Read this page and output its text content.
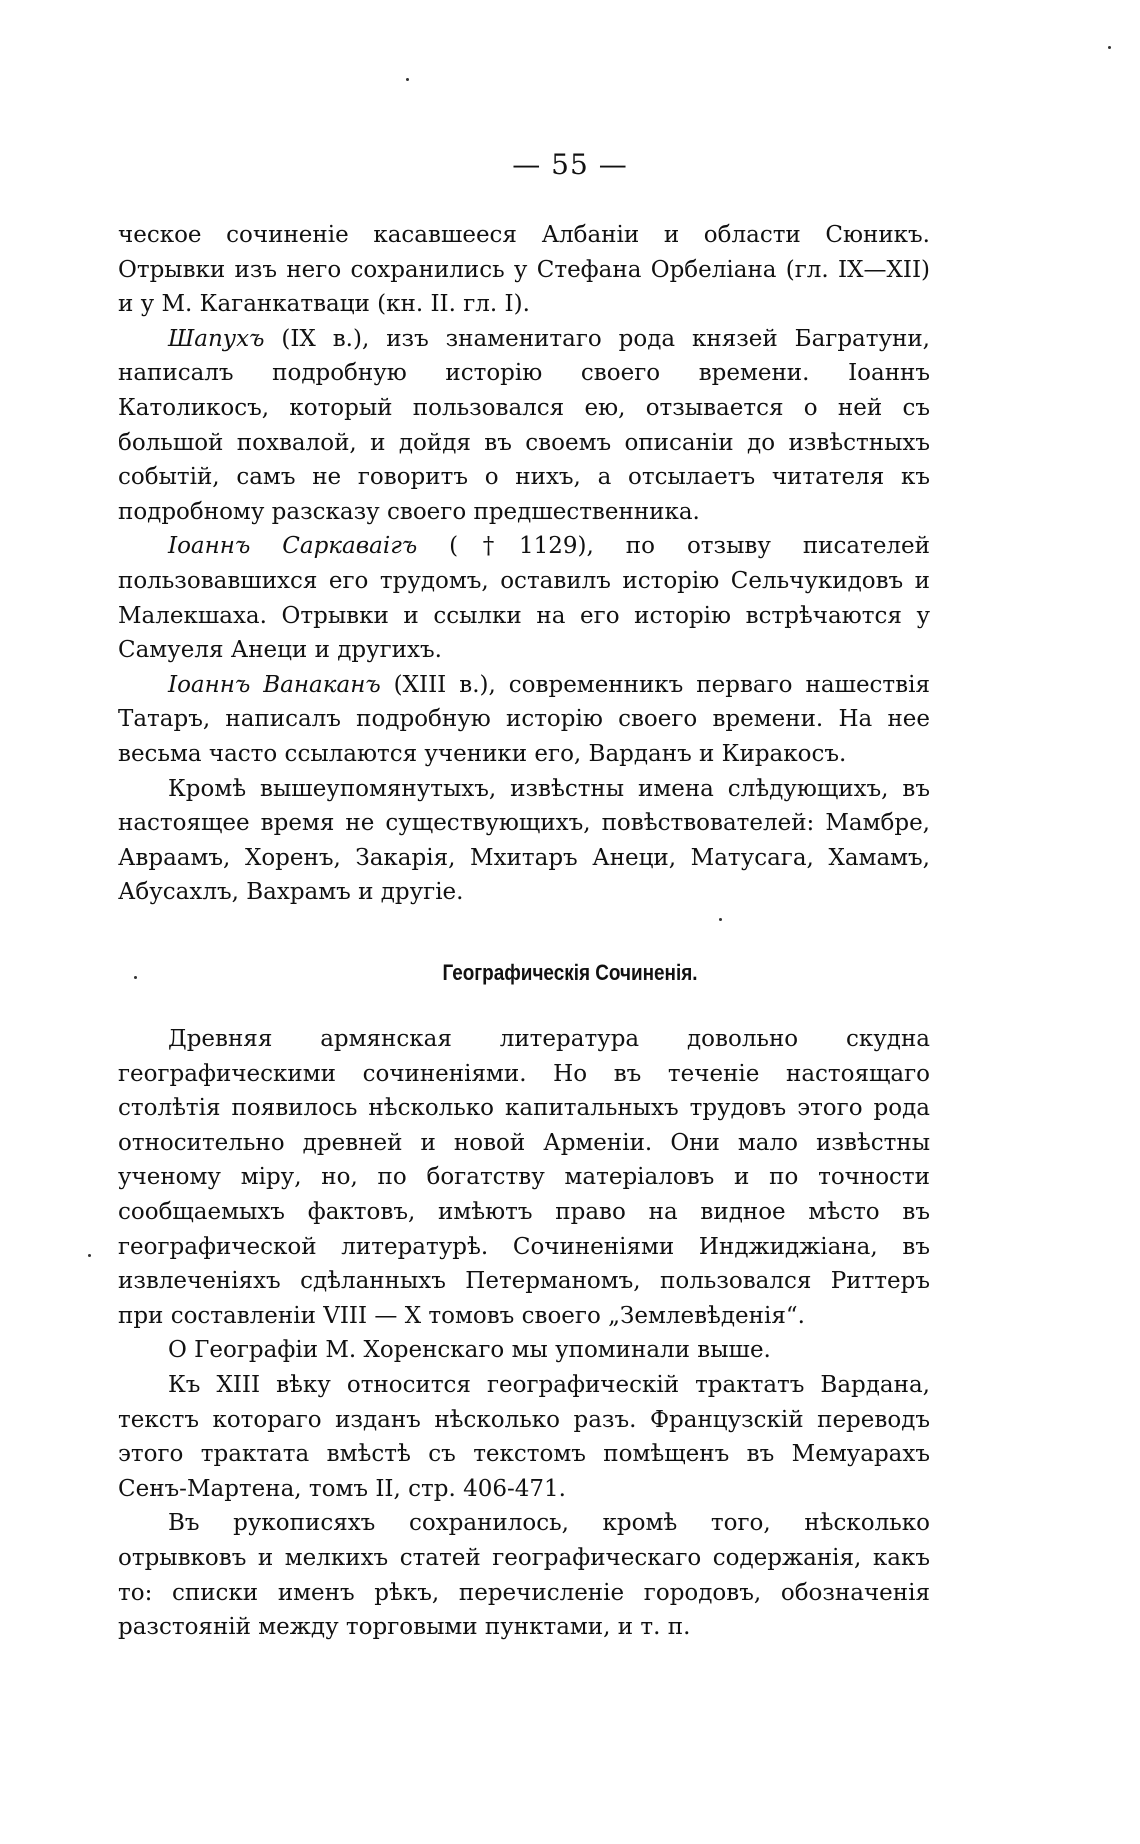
— 55 —

ческое сочиненіе касавшееся Албаніи и области Сюникъ. Отрывки изъ него сохранились у Стефана Орбеліана (гл. IX—XII) и у М. Каганкатваци (кн. II. гл. I).

Шапухъ (IX в.), изъ знаменитаго рода князей Багратуни, написалъ подробную исторію своего времени. Іоаннъ Католикосъ, который пользовался ею, отзывается о ней съ большой похвалой, и дойдя въ своемъ описаніи до извѣстныхъ событій, самъ не говоритъ о нихъ, а отсылаетъ читателя къ подробному разсказу своего предшественника.

Іоаннъ Саркаваігъ (†1129), по отзыву писателей пользовавшихся его трудомъ, оставилъ исторію Сельчукидовъ и Малекшаха. Отрывки и ссылки на его исторію встрѣчаются у Самуеля Анеци и другихъ.

Іоаннъ Ванаканъ (XIII в.), современникъ перваго нашествія Татаръ, написалъ подробную исторію своего времени. На нее весьма часто ссылаются ученики его, Варданъ и Киракосъ.

Кромѣ вышеупомянутыхъ, извѣстны имена слѣдующихъ, въ настоящее время не существующихъ, повѣствователей: Мамбре, Авраамъ, Хоренъ, Закарія, Мхитаръ Анеци, Матусага, Хамамъ, Абусахлъ, Вахрамъ и другіе.

Географическія Сочиненія.

Древняя армянская литература довольно скудна географическими сочиненіями. Но въ теченіе настоящаго столѣтія появилось нѣсколько капитальныхъ трудовъ этого рода относительно древней и новой Арменіи. Они мало извѣстны ученому міру, но, по богатству матеріаловъ и по точности сообщаемыхъ фактовъ, имѣютъ право на видное мѣсто въ географической литературѣ. Сочиненіями Инджиджіана, въ извлеченіяхъ сдѣланныхъ Петерманомъ, пользовался Риттеръ при составленіи VIII — X томовъ своего „Землевѣденія“.

О Географіи М. Хоренскаго мы упоминали выше.

Къ XIII вѣку относится географическій трактатъ Вардана, текстъ котораго изданъ нѣсколько разъ. Французскій переводъ этого трактата вмѣстѣ съ текстомъ помѣщенъ въ Мемуарахъ Сенъ-Мартена, томъ II, стр. 406-471.

Въ рукописяхъ сохранилось, кромѣ того, нѣсколько отрывковъ и мелкихъ статей географическаго содержанія, какъ то: списки именъ рѣкъ, перечисленіе городовъ, обозначенія разстояній между торговыми пунктами, и т. п.
